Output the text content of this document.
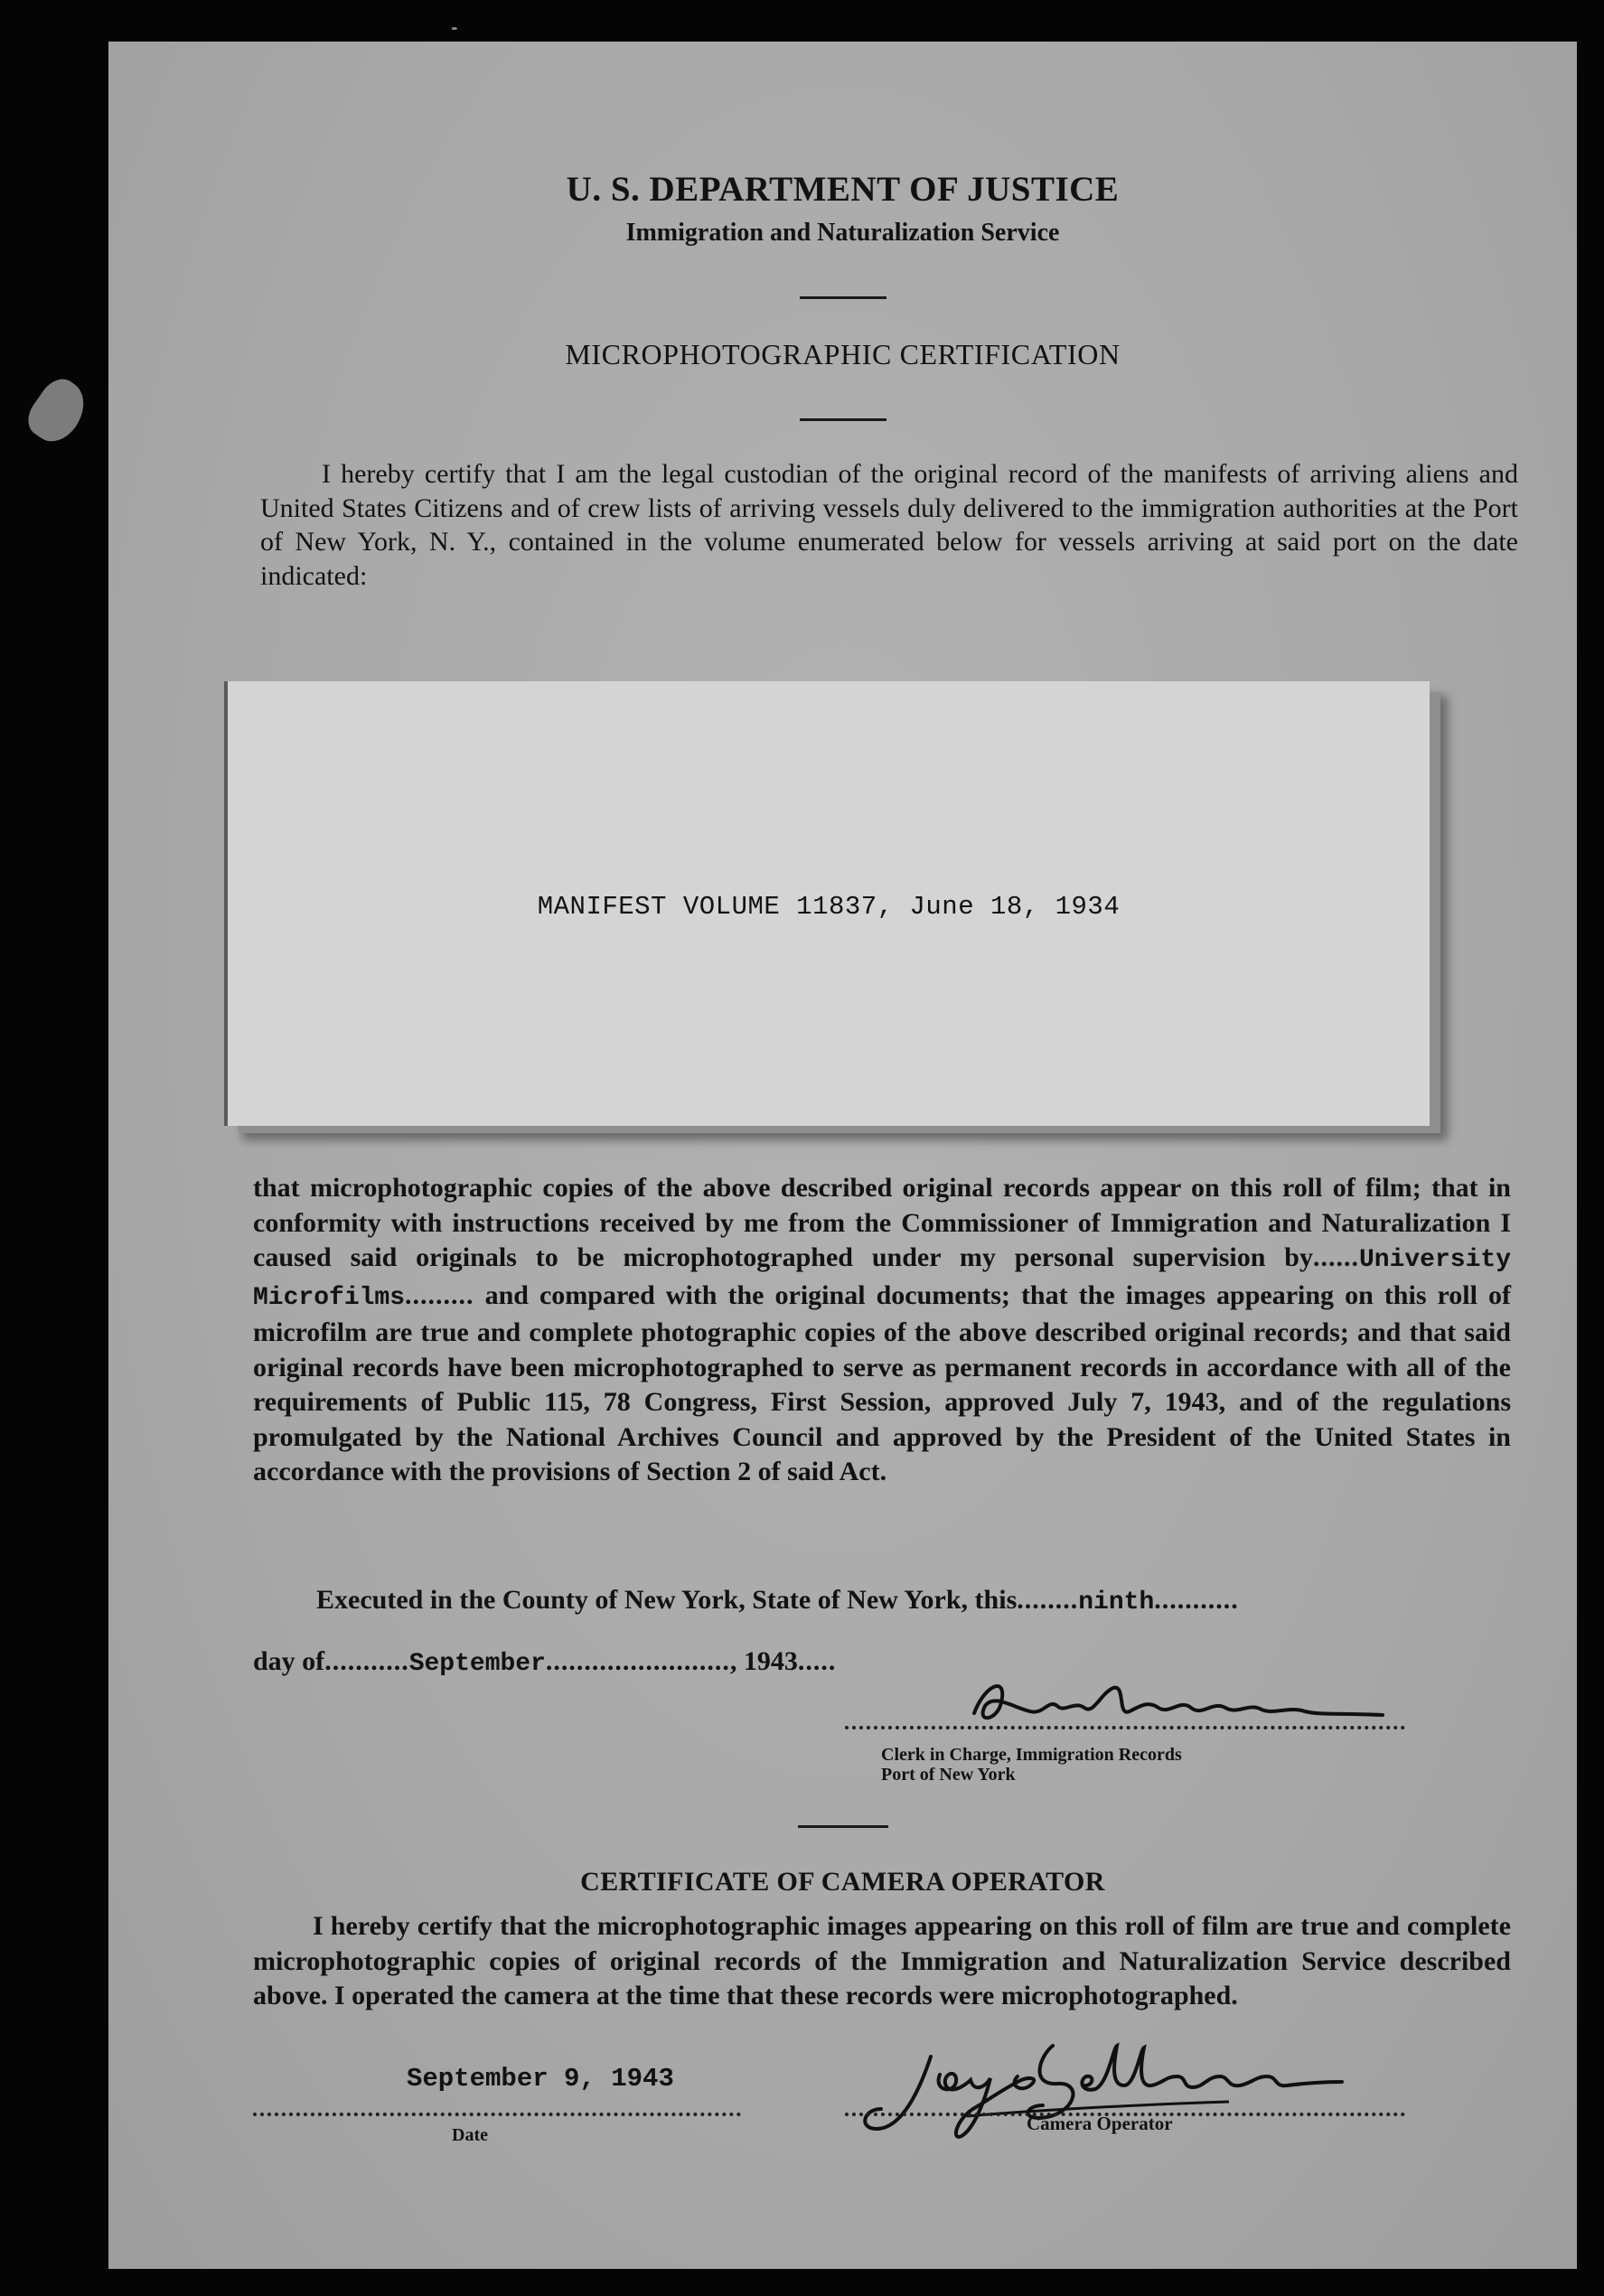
U. S. DEPARTMENT OF JUSTICE
Immigration and Naturalization Service
MICROPHOTOGRAPHIC CERTIFICATION
I hereby certify that I am the legal custodian of the original record of the manifests of arriving aliens and United States Citizens and of crew lists of arriving vessels duly delivered to the immigration authorities at the Port of New York, N. Y., contained in the volume enumerated below for vessels arriving at said port on the date indicated:
MANIFEST VOLUME 11837, June 18, 1934
that microphotographic copies of the above described original records appear on this roll of film; that in conformity with instructions received by me from the Commissioner of Immigration and Naturalization I caused said originals to be microphotographed under my personal supervision by......University Microfilms......... and compared with the original documents; that the images appearing on this roll of microfilm are true and complete photographic copies of the above described original records; and that said original records have been microphotographed to serve as permanent records in accordance with all of the requirements of Public 115, 78 Congress, First Session, approved July 7, 1943, and of the regulations promulgated by the National Archives Council and approved by the President of the United States in accordance with the provisions of Section 2 of said Act.
Executed in the County of New York, State of New York, this........ninth...........
day of...........September........................, 1943.....
Clerk in Charge, Immigration Records
Port of New York
CERTIFICATE OF CAMERA OPERATOR
I hereby certify that the microphotographic images appearing on this roll of film are true and complete microphotographic copies of original records of the Immigration and Naturalization Service described above. I operated the camera at the time that these records were microphotographed.
September 9, 1943
Date
Camera Operator
